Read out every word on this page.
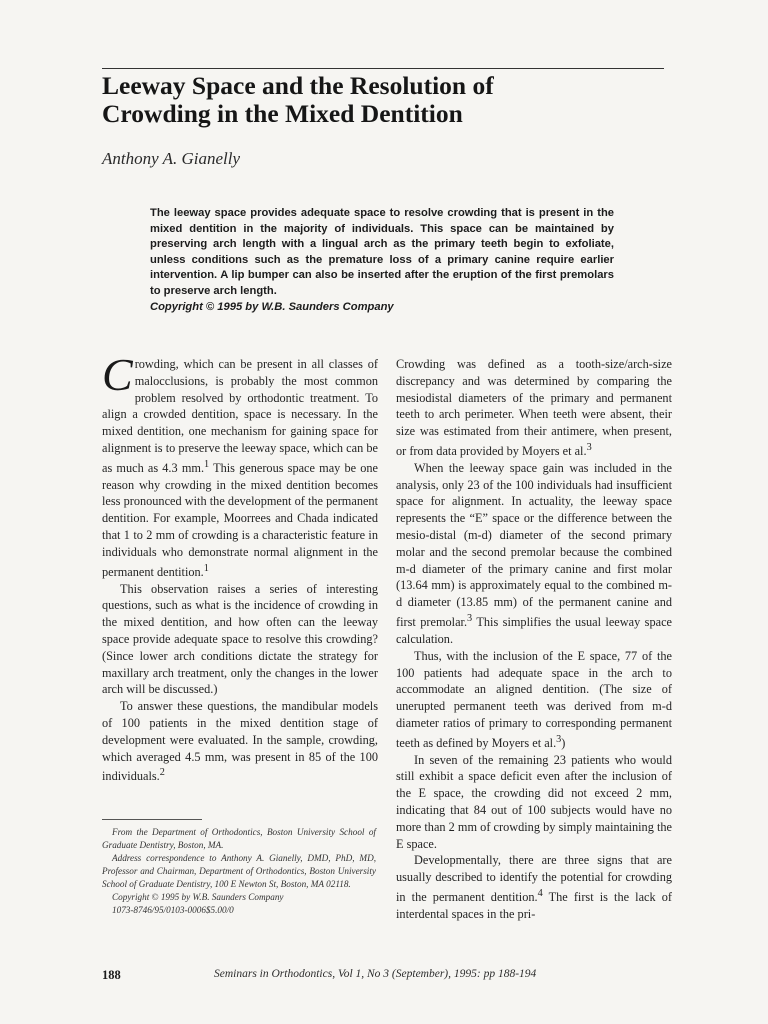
Leeway Space and the Resolution of
Crowding in the Mixed Dentition
Anthony A. Gianelly
The leeway space provides adequate space to resolve crowding that is present in the mixed dentition in the majority of individuals. This space can be maintained by preserving arch length with a lingual arch as the primary teeth begin to exfoliate, unless conditions such as the premature loss of a primary canine require earlier intervention. A lip bumper can also be inserted after the eruption of the first premolars to preserve arch length.
Copyright © 1995 by W.B. Saunders Company

Crowding, which can be present in all classes of malocclusions, is probably the most common problem resolved by orthodontic treatment. To align a crowded dentition, space is necessary. In the mixed dentition, one mechanism for gaining space for alignment is to preserve the leeway space, which can be as much as 4.3 mm.$^1$ This generous space may be one reason why crowding in the mixed dentition becomes less pronounced with the development of the permanent dentition. For example, Moorrees and Chada indicated that 1 to 2 mm of crowding is a characteristic feature in individuals who demonstrate normal alignment in the permanent dentition.$^1$

This observation raises a series of interesting questions, such as what is the incidence of crowding in the mixed dentition, and how often can the leeway space provide adequate space to resolve this crowding? (Since lower arch conditions dictate the strategy for maxillary arch treatment, only the changes in the lower arch will be discussed.)

To answer these questions, the mandibular models of 100 patients in the mixed dentition stage of development were evaluated. In the sample, crowding, which averaged 4.5 mm, was present in 85 of the 100 individuals.$^2$

Crowding was defined as a tooth-size/arch-size discrepancy and was determined by comparing the mesiodistal diameters of the primary and permanent teeth to arch perimeter. When teeth were absent, their size was estimated from their antimere, when present, or from data provided by Moyers et al.$^3$

When the leeway space gain was included in the analysis, only 23 of the 100 individuals had insufficient space for alignment. In actuality, the leeway space represents the “E” space or the difference between the mesio-distal (m-d) diameter of the second primary molar and the second premolar because the combined m-d diameter of the primary canine and first molar (13.64 mm) is approximately equal to the combined m-d diameter (13.85 mm) of the permanent canine and first premolar.$^3$ This simplifies the usual leeway space calculation.

Thus, with the inclusion of the E space, 77 of the 100 patients had adequate space in the arch to accommodate an aligned dentition. (The size of unerupted permanent teeth was derived from m-d diameter ratios of primary to corresponding permanent teeth as defined by Moyers et al.$^3$)

In seven of the remaining 23 patients who would still exhibit a space deficit even after the inclusion of the E space, the crowding did not exceed 2 mm, indicating that 84 out of 100 subjects would have no more than 2 mm of crowding by simply maintaining the E space.

Developmentally, there are three signs that are usually described to identify the potential for crowding in the permanent dentition.$^4$ The first is the lack of interdental spaces in the pri-

From the Department of Orthodontics, Boston University School of Graduate Dentistry, Boston, MA.
Address correspondence to Anthony A. Gianelly, DMD, PhD, MD, Professor and Chairman, Department of Orthodontics, Boston University School of Graduate Dentistry, 100 E Newton St, Boston, MA 02118.
Copyright © 1995 by W.B. Saunders Company
1073-8746/95/0103-0006$5.00/0
188	Seminars in Orthodontics, Vol 1, No 3 (September), 1995: pp 188-194
